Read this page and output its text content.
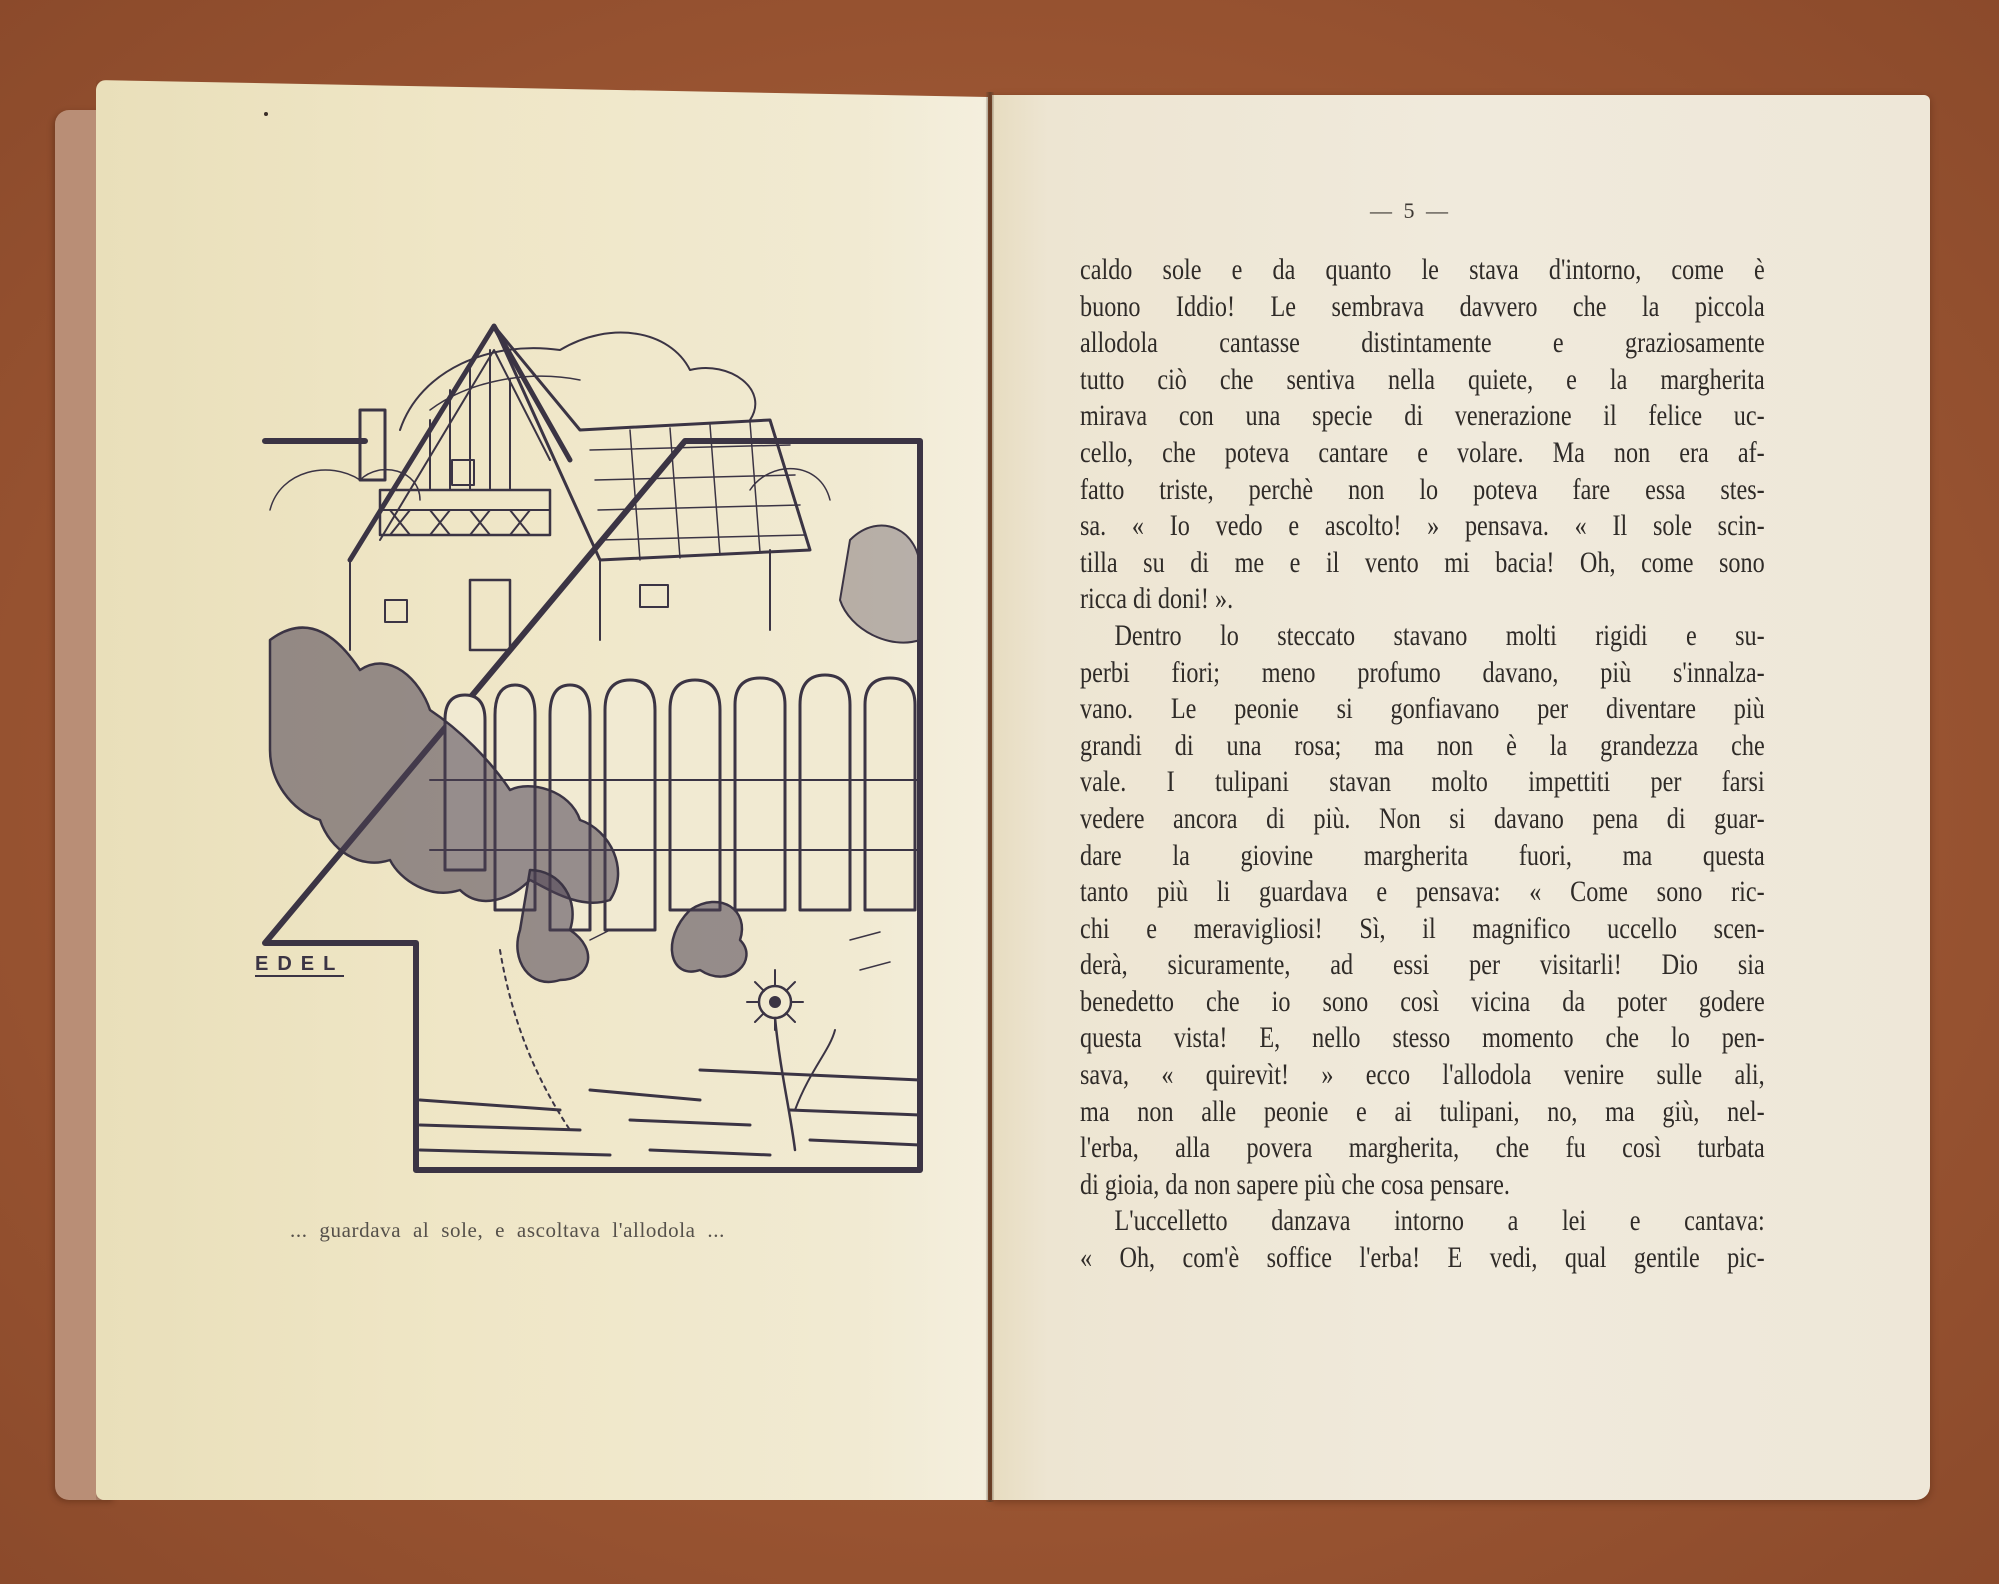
EDEL
... guardava al sole, e ascoltava l'allodola ...
— 5 —
caldo sole e da quanto le stava d'intorno, come è
buono Iddio! Le sembrava davvero che la piccola
allodola cantasse distintamente e graziosamente
tutto ciò che sentiva nella quiete, e la margherita
mirava con una specie di venerazione il felice uc-
cello, che poteva cantare e volare. Ma non era af-
fatto triste, perchè non lo poteva fare essa stes-
sa. « Io vedo e ascolto! » pensava. « Il sole scin-
tilla su di me e il vento mi bacia! Oh, come sono
ricca di doni! ».
Dentro lo steccato stavano molti rigidi e su-
perbi fiori; meno profumo davano, più s'innalza-
vano. Le peonie si gonfiavano per diventare più
grandi di una rosa; ma non è la grandezza che
vale. I tulipani stavan molto impettiti per farsi
vedere ancora di più. Non si davano pena di guar-
dare la giovine margherita fuori, ma questa
tanto più li guardava e pensava: « Come sono ric-
chi e meravigliosi! Sì, il magnifico uccello scen-
derà, sicuramente, ad essi per visitarli! Dio sia
benedetto che io sono così vicina da poter godere
questa vista! E, nello stesso momento che lo pen-
sava, « quirevìt! » ecco l'allodola venire sulle ali,
ma non alle peonie e ai tulipani, no, ma giù, nel-
l'erba, alla povera margherita, che fu così turbata
di gioia, da non sapere più che cosa pensare.
L'uccelletto danzava intorno a lei e cantava:
« Oh, com'è soffice l'erba! E vedi, qual gentile pic-
